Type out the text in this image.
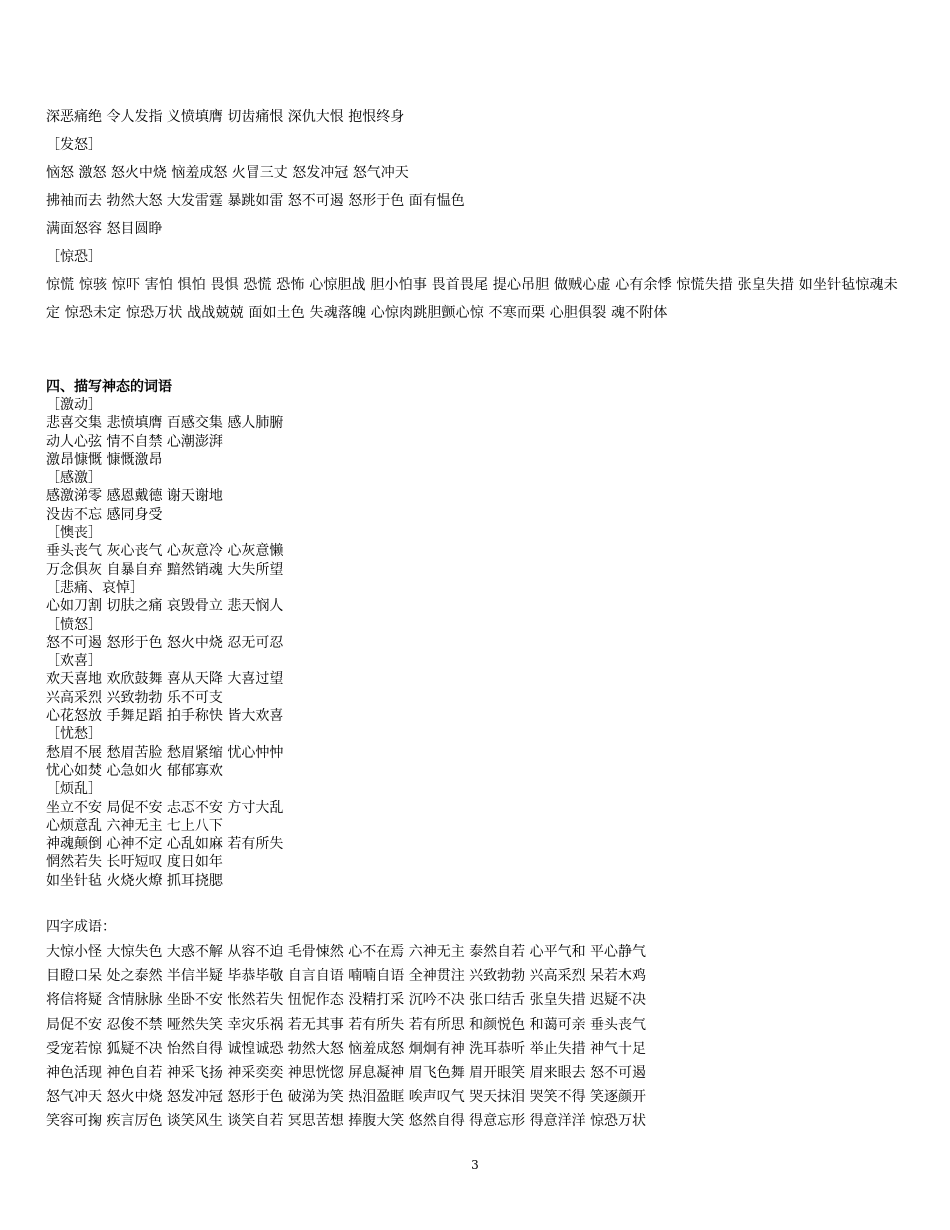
深恶痛绝 令人发指 义愤填膺 切齿痛恨 深仇大恨 抱恨终身
［发怒］
恼怒 激怒 怒火中烧 恼羞成怒 火冒三丈 怒发冲冠 怒气冲天
拂袖而去 勃然大怒 大发雷霆 暴跳如雷 怒不可遏 怒形于色 面有愠色
满面怒容 怒目圆睁
［惊恐］
惊慌 惊骇 惊吓 害怕 惧怕 畏惧 恐慌 恐怖 心惊胆战 胆小怕事 畏首畏尾 提心吊胆 做贼心虚 心有余悸 惊慌失措 张皇失措 如坐针毡惊魂未定 惊恐未定 惊恐万状 战战兢兢 面如土色 失魂落魄 心惊肉跳胆颤心惊 不寒而栗 心胆俱裂 魂不附体
四、描写神态的词语
［激动］
悲喜交集 悲愤填膺 百感交集 感人肺腑
动人心弦 情不自禁 心潮澎湃
激昂慷慨 慷慨激昂
［感激］
感激涕零 感恩戴德 谢天谢地
没齿不忘 感同身受
［懊丧］
垂头丧气 灰心丧气 心灰意冷 心灰意懒
万念俱灰 自暴自弃 黯然销魂 大失所望
［悲痛、哀悼］
心如刀割 切肤之痛 哀毁骨立 悲天悯人
［愤怒］
怒不可遏 怒形于色 怒火中烧 忍无可忍
［欢喜］
欢天喜地 欢欣鼓舞 喜从天降 大喜过望
兴高采烈 兴致勃勃 乐不可支
心花怒放 手舞足蹈 拍手称快 皆大欢喜
［忧愁］
愁眉不展 愁眉苦脸 愁眉紧缩 忧心忡忡
忧心如焚 心急如火 郁郁寡欢
［烦乱］
坐立不安 局促不安 忐忑不安 方寸大乱
心烦意乱 六神无主 七上八下
神魂颠倒 心神不定 心乱如麻 若有所失
惘然若失 长吁短叹 度日如年
如坐针毡 火烧火燎 抓耳挠腮
四字成语：
大惊小怪 大惊失色 大惑不解 从容不迫 毛骨悚然 心不在焉 六神无主 泰然自若 心平气和 平心静气
目瞪口呆 处之泰然 半信半疑 毕恭毕敬 自言自语 喃喃自语 全神贯注 兴致勃勃 兴高采烈 呆若木鸡
将信将疑 含情脉脉 坐卧不安 怅然若失 忸怩作态 没精打采 沉吟不决 张口结舌 张皇失措 迟疑不决
局促不安 忍俊不禁 哑然失笑 幸灾乐祸 若无其事 若有所失 若有所思 和颜悦色 和蔼可亲 垂头丧气
受宠若惊 狐疑不决 怡然自得 诚惶诚恐 勃然大怒 恼羞成怒 炯炯有神 洗耳恭听 举止失措 神气十足
神色活现 神色自若 神采飞扬 神采奕奕 神思恍惚 屏息凝神 眉飞色舞 眉开眼笑 眉来眼去 怒不可遏
怒气冲天 怒火中烧 怒发冲冠 怒形于色 破涕为笑 热泪盈眶 唉声叹气 哭天抹泪 哭笑不得 笑逐颜开
笑容可掬 疾言厉色 谈笑风生 谈笑自若 冥思苦想 捧腹大笑 悠然自得 得意忘形 得意洋洋 惊恐万状
3
